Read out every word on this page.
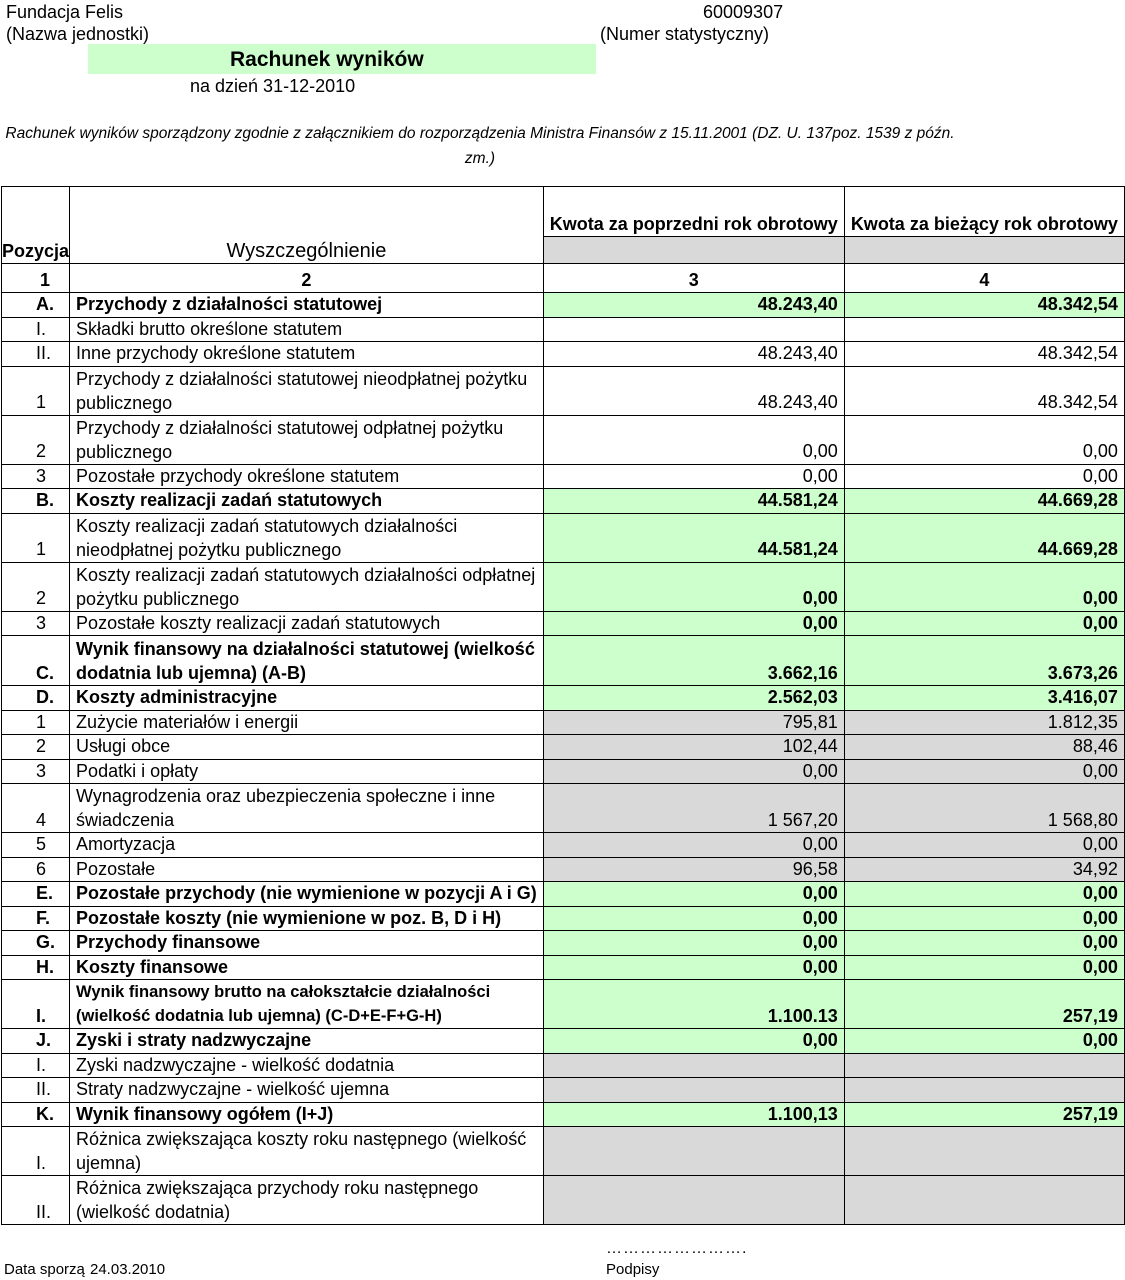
Fundacja Felis
(Nazwa jednostki)
60009307
(Numer statystyczny)
Rachunek wyników
na dzień 31-12-2010
Rachunek wyników sporządzony zgodnie z załącznikiem do rozporządzenia Ministra Finansów z 15.11.2001 (DZ. U. 137poz. 1539 z późn. zm.)
Pozycja	Wyszczególnienie	Kwota za poprzedni rok obrotowy	Kwota za bieżący rok obrotowy

1	2	3	4
A.	Przychody z działalności statutowej	48.243,40	48.342,54
I.	Składki brutto określone statutem		
II.	Inne przychody określone statutem	48.243,40	48.342,54
1	Przychody z działalności statutowej nieodpłatnej pożytku publicznego	48.243,40	48.342,54
2	Przychody z działalności statutowej odpłatnej pożytku publicznego	0,00	0,00
3	Pozostałe przychody określone statutem	0,00	0,00
B.	Koszty realizacji zadań statutowych	44.581,24	44.669,28
1	Koszty realizacji zadań statutowych działalności nieodpłatnej pożytku publicznego	44.581,24	44.669,28
2	Koszty realizacji zadań statutowych działalności odpłatnej pożytku publicznego	0,00	0,00
3	Pozostałe koszty realizacji zadań statutowych	0,00	0,00
C.	Wynik finansowy na działalności statutowej (wielkość dodatnia lub ujemna) (A-B)	3.662,16	3.673,26
D.	Koszty administracyjne	2.562,03	3.416,07
1	Zużycie materiałów i energii	795,81	1.812,35
2	Usługi obce	102,44	88,46
3	Podatki i opłaty	0,00	0,00
4	Wynagrodzenia oraz ubezpieczenia społeczne i inne świadczenia	1 567,20	1 568,80
5	Amortyzacja	0,00	0,00
6	Pozostałe	96,58	34,92
E.	Pozostałe przychody (nie wymienione w pozycji A i G)	0,00	0,00
F.	Pozostałe koszty (nie wymienione w poz. B, D i H)	0,00	0,00
G.	Przychody finansowe	0,00	0,00
H.	Koszty finansowe	0,00	0,00
I.	Wynik finansowy brutto na całokształcie działalności (wielkość dodatnia lub ujemna) (C-D+E-F+G-H)	1.100.13	257,19
J.	Zyski i straty nadzwyczajne	0,00	0,00
I.	Zyski nadzwyczajne - wielkość dodatnia		
II.	Straty nadzwyczajne - wielkość ujemna		
K.	Wynik finansowy ogółem (I+J)	1.100,13	257,19
I.	Różnica zwiększająca koszty roku następnego (wielkość ujemna)		
II.	Różnica zwiększająca przychody roku następnego (wielkość dodatnia)		
Data sporzą 24.03.2010
…………………….
Podpisy
